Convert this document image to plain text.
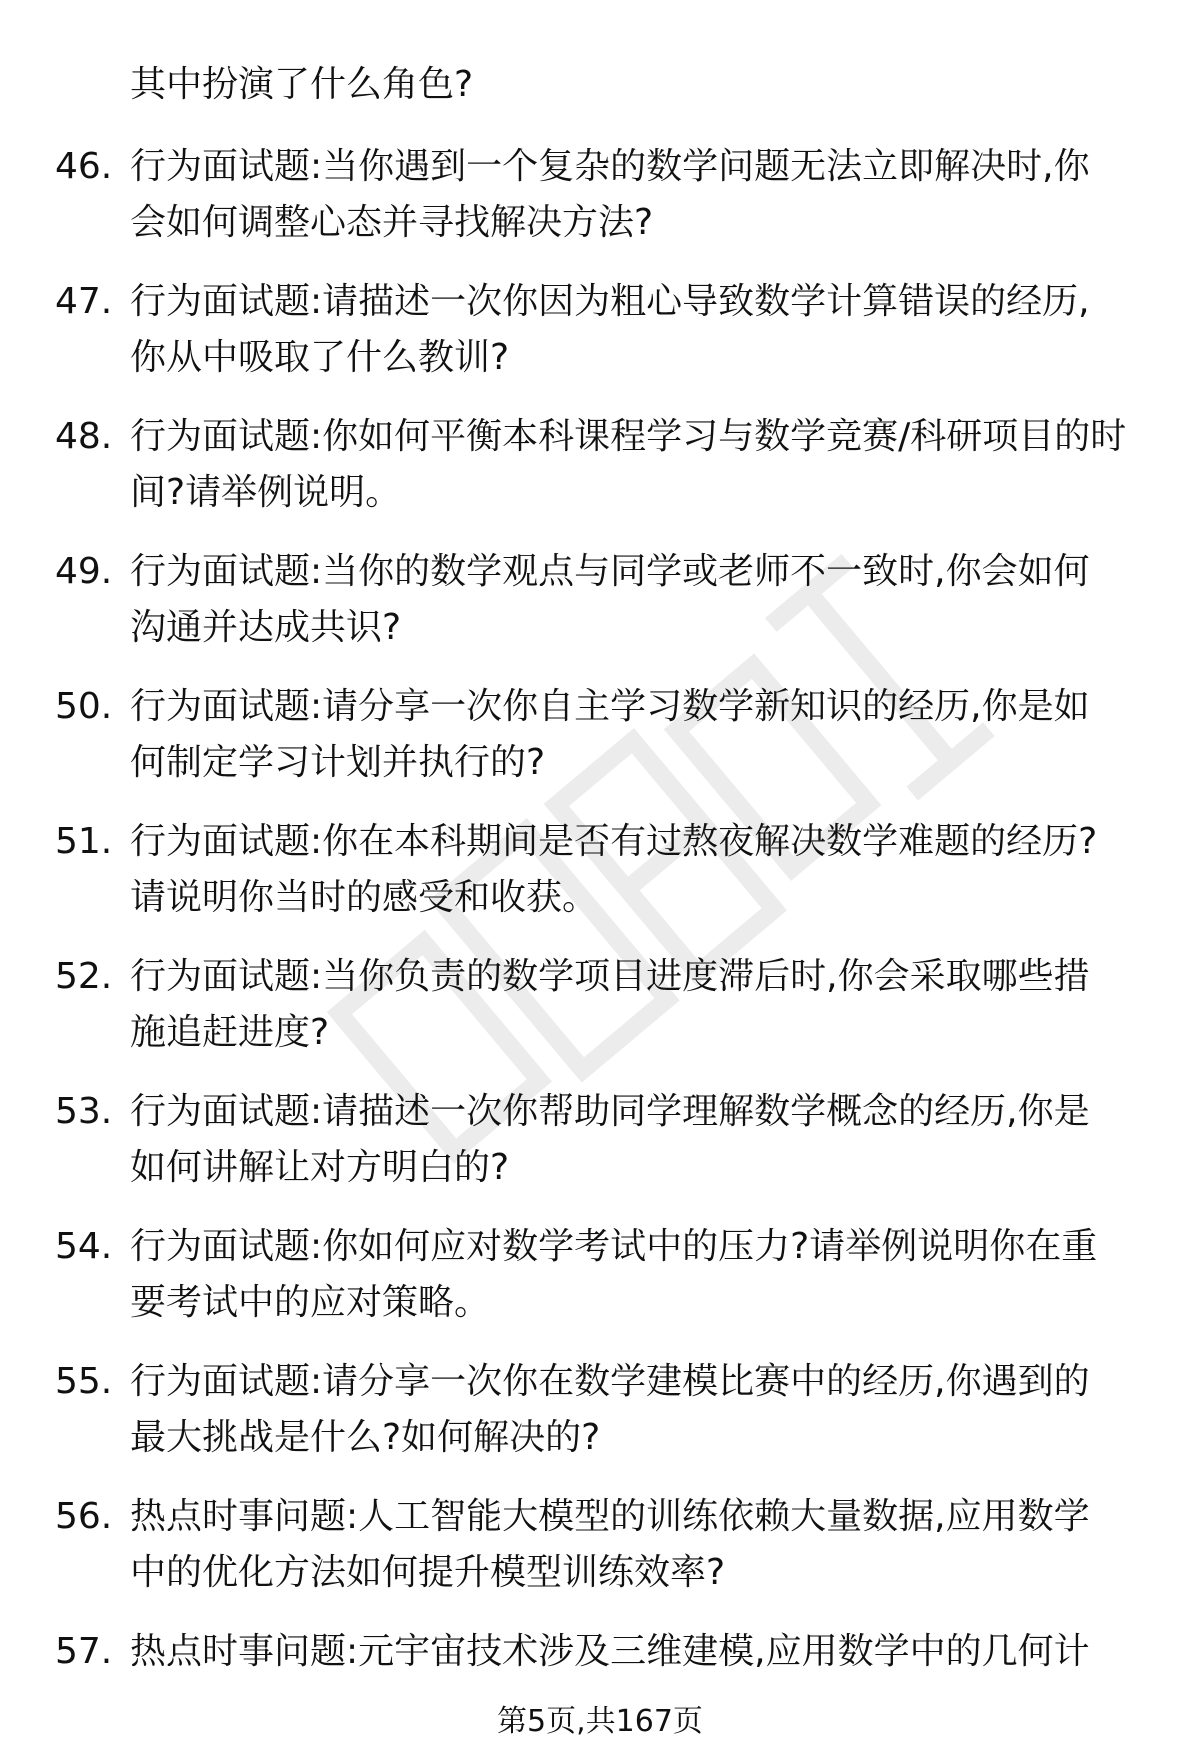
其中扮演了什么角色?
46. 行为面试题:当你遇到一个复杂的数学问题无法立即解决时,你
会如何调整心态并寻找解决方法?
47. 行为面试题:请描述一次你因为粗心导致数学计算错误的经历,
你从中吸取了什么教训?
48. 行为面试题:你如何平衡本科课程学习与数学竞赛/科研项目的时
间?请举例说明。
49. 行为面试题:当你的数学观点与同学或老师不一致时,你会如何
沟通并达成共识?
50. 行为面试题:请分享一次你自主学习数学新知识的经历,你是如
何制定学习计划并执行的?
51. 行为面试题:你在本科期间是否有过熬夜解决数学难题的经历?
请说明你当时的感受和收获。
52. 行为面试题:当你负责的数学项目进度滞后时,你会采取哪些措
施追赶进度?
53. 行为面试题:请描述一次你帮助同学理解数学概念的经历,你是
如何讲解让对方明白的?
54. 行为面试题:你如何应对数学考试中的压力?请举例说明你在重
要考试中的应对策略。
55. 行为面试题:请分享一次你在数学建模比赛中的经历,你遇到的
最大挑战是什么?如何解决的?
56. 热点时事问题:人工智能大模型的训练依赖大量数据,应用数学
中的优化方法如何提升模型训练效率?
57. 热点时事问题:元宇宙技术涉及三维建模,应用数学中的几何计
第5页,共167页
